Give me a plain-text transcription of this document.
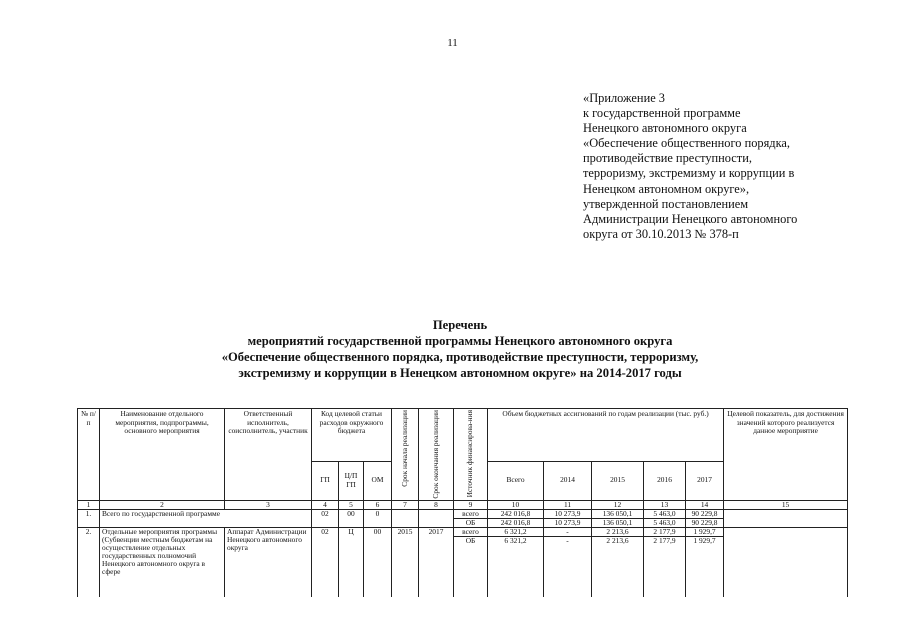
11
«Приложение 3
к государственной программе
Ненецкого автономного округа
«Обеспечение общественного порядка,
противодействие преступности,
терроризму, экстремизму и коррупции в
Ненецком автономном округе»,
утвержденной постановлением
Администрации Ненецкого автономного
округа от 30.10.2013 № 378-п
Перечень
мероприятий государственной программы Ненецкого автономного округа
«Обеспечение общественного порядка, противодействие преступности, терроризму,
экстремизму и коррупции в Ненецком автономном округе» на 2014-2017 годы
№ п/п	Наименование отдельного мероприятия, подпрограммы, основного мероприятия	Ответственный исполнитель, соисполнитель, участник	Код целевой статьи расходов окружного бюджета			Срок начала реализации	Срок окончания реализации	Источник финансирова-ния	Объем бюджетных ассигнований по годам реализации (тыс. руб.)					Целевой показатель, для достижения значений которого реализуется данное мероприятие
			ГП	Ц/П ГП	ОМ				Всего	2014	2015	2016	2017	
1	2	3	4	5	6	7	8	9	10	11	12	13	14	15
1.	Всего по государственной программе		02	00	0			всего	242 016,8	10 273,9	136 050,1	5 463,0	90 229,8	
								ОБ	242 016,8	10 273,9	136 050,1	5 463,0	90 229,8	
2.	Отдельные мероприятия программы (Субвенции местным бюджетам на осуществление отдельных государственных полномочий Ненецкого автономного округа в сфере	Аппарат Администрации Ненецкого автономного округа	02	Ц	00	2015	2017	всего	6 321,2	-	2 213,6	2 177,9	1 929,7	
								ОБ	6 321,2	-	2 213,6	2 177,9	1 929,7	
